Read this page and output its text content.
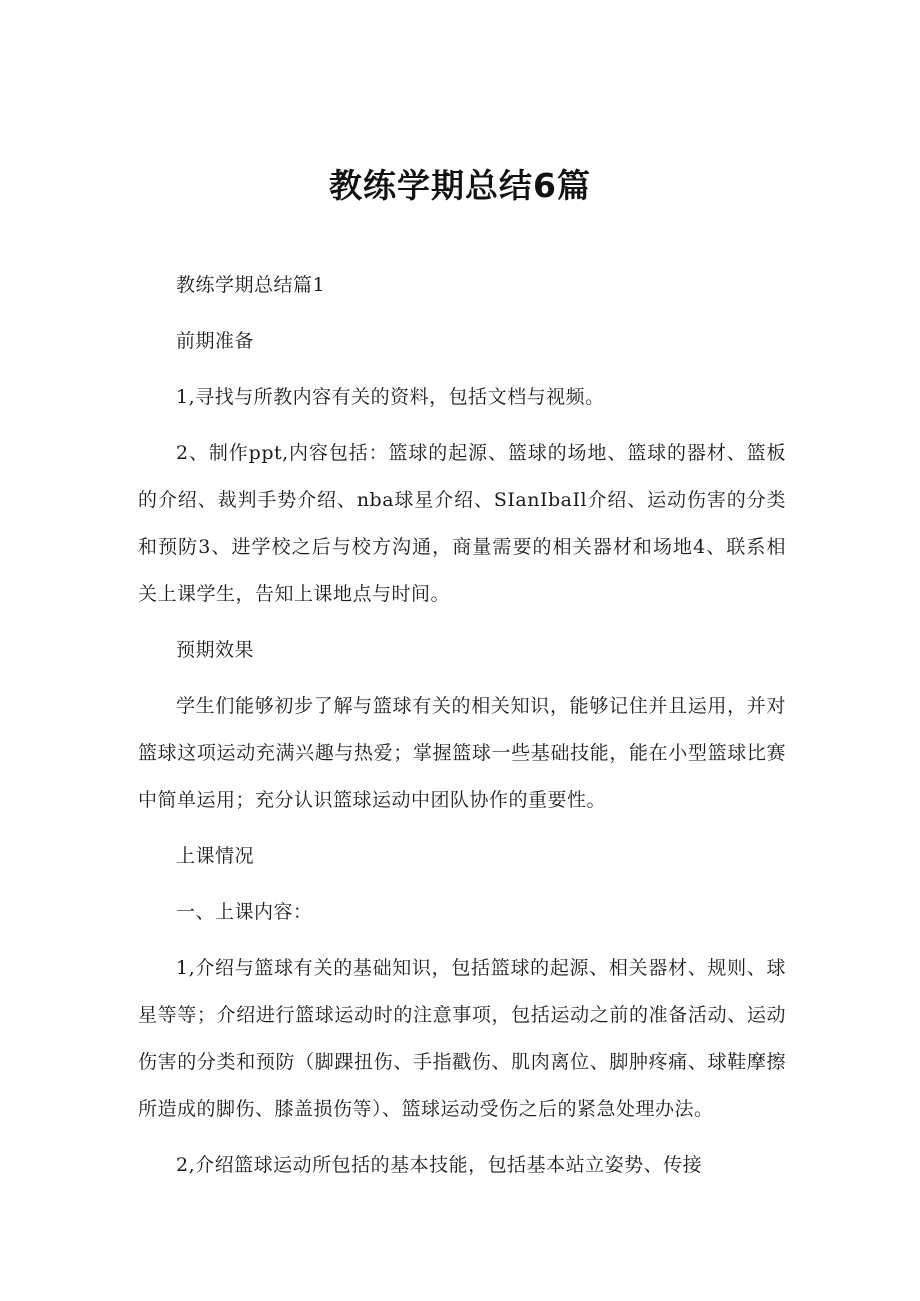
教练学期总结6篇

教练学期总结篇1

前期准备

1,寻找与所教内容有关的资料，包括文档与视频。

2、制作ppt,内容包括：篮球的起源、篮球的场地、篮球的器材、篮板的介绍、裁判手势介绍、nba球星介绍、SIanIbaIl介绍、运动伤害的分类和预防3、进学校之后与校方沟通，商量需要的相关器材和场地4、联系相关上课学生，告知上课地点与时间。

预期效果

学生们能够初步了解与篮球有关的相关知识，能够记住并且运用，并对篮球这项运动充满兴趣与热爱；掌握篮球一些基础技能，能在小型篮球比赛中简单运用；充分认识篮球运动中团队协作的重要性。

上课情况

一、上课内容：

1,介绍与篮球有关的基础知识，包括篮球的起源、相关器材、规则、球星等等；介绍进行篮球运动时的注意事项，包括运动之前的准备活动、运动伤害的分类和预防（脚踝扭伤、手指戳伤、肌肉离位、脚肿疼痛、球鞋摩擦所造成的脚伤、膝盖损伤等）、篮球运动受伤之后的紧急处理办法。

2,介绍篮球运动所包括的基本技能，包括基本站立姿势、传接
